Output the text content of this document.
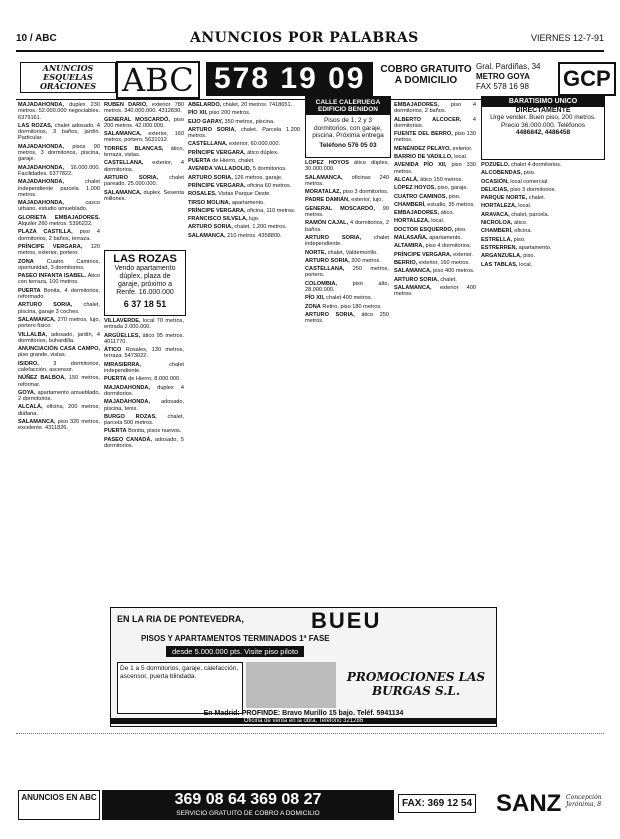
10 / ABC	ANUNCIOS POR PALABRAS	VIERNES 12-7-91
ANUNCIOS ESQUELAS ORACIONES ABC 578 19 09	COBRO GRATUITO A DOMICILIO
Gral. Pardiñas, 34
METRO GOYA
FAX 578 16 98	GCP
MAJADAHONDA, duplex 230 metros. 52.000.000 negociables. 6379161.
LAS ROZAS, chalet adosado, 4 dormitorios, 3 baños, jardín. Particular.
MAJADAHONDA, pisos 90 metros, 3 dormitorios, piscina, garaje.
MAJADAHONDA, 16.000.000. Facilidades. 6377822.
MAJADAHONDA,	chalet independiente parcela 1.000 metros.
MAJADAHONDA,	casco urbano, estudio amueblado.
GLORIETA EMBAJADORES. Alquiler 260 metros. 5396222.
PLAZA CASTILLA, piso 4 dormitorios, 2 baños, terraza.
PRÍNCIPE VERGARA, 120 metros, exterior, portero.
ZONA Cuatro Caminos, oportunidad, 3 dormitorios.
PASEO INFANTA ISABEL. Ático con terraza, 100 metros.
PUERTA Bonita, 4 dormitorios, reformado.
ARTURO SORIA, chalet, piscina, garaje 3 coches.
SALAMANCA, 270 metros, lujo, portero físico.
VILLALBA, adosado, jardín, 4 dormitorios, buhardilla.
ANUNCIACIÓN CASA CAMPO, piso grande, vistas.
ISIDRO,	3 dormitorios, calefacción, ascensor.
NÚÑEZ BALBOA, 150 metros, reformar.
GOYA, apartamento amueblado, 2 dormitorios.
ALCALÁ, oficina, 200 metros, diáfana.
SALAMANCA, piso 320 metros, excelente. 4311826.
RUBÉN DARÍO, exterior 780 metros. 340.000.000. 4312830.
GENERAL MOSCARDÓ, piso 200 metros. 42.000.000.
SALAMANCA, exterior, 160 metros, portero. 5631012.
TORRES BLANCAS, ático, terraza, vistas.
CASTELLANA, exterior, 4 dormitorios.
ARTURO SORIA, chalet pareado. 25.000.000.
SALAMANCA, duplex. Sesenta millones.
LAS ROZAS
Vendo apartamento dúplex, plaza de garaje, próximo a Renfe. 16.000.000
6 37 18 51
VILLAVERDE, local 70 metros, entrada 2.000.000.
ARGÜELLES, ático 95 metros. 4011770.
ÁTICO Rosales, 130 metros, terraza. 5473022.
MIRASIERRA,	chalet independiente.
PUERTA de Hierro, 8.000.000.
MAJADAHONDA, duplex 4 dormitorios.
MAJADAHONDA, adosado, piscina, tenis.
BURGO ROZAS, chalet, parcela 500 metros.
PUERTA Bonita, pisos nuevos.
PASEO CANADÁ, adosado, 5 dormitorios.
ABELARDO, chalet, 20 metros. 7418651.
PÍO XII, piso 200 metros.
EIJO GARAY, 350 metros, piscina.
ARTURO SORIA, chalet. Parcela 1.200 metros.
CASTELLANA, exterior, 60.000.000.
PRÍNCIPE VERGARA, ático dúplex.
PUERTA de Hierro, chalet.
AVENIDA VALLADOLID, 5 dormitorios.
ARTURO SORIA, 126 metros, garaje.
PRÍNCIPE VERGARA, oficina 60 metros.
ROSALES, Vistas Parque Oeste.
TIRSO MOLINA, apartamento.
PRÍNCIPE VERGARA, oficina, 110 metros.
FRANCISCO SILVELA, lujo.
ARTURO SORIA, chalet, 1.200 metros.
SALAMANCA, 210 metros. 4358800.
CALLE CALERUEGA EDIFICIO BENIDON
Pisos de 1, 2 y 3 dormitorios, con garaje, piscina. Próxima entrega
Teléfono 576 05 03
LÓPEZ HOYOS ático dúplex, 30.000.000.
SALAMANCA, oficinas 240 metros.
MORATALAZ, piso 3 dormitorios.
PADRE DAMIÁN, exterior, lujo.
GENERAL MOSCARDÓ, 90 metros.
RAMÓN CAJAL, 4 dormitorios, 2 baños.
ARTURO SORIA, chalet independiente.
NORTE, chalet, Valdemorillo.
ARTURO SORIA, 200 metros.
CASTELLANA, 250 metros, portero.
COLOMBIA,	piso alto, 28.000.000.
PÍO XII, chalet 400 metros.
ZONA Retiro, piso 180 metros.
ARTURO SORIA, ático 250 metros.
EMBAJADORES, piso 4 dormitorios, 2 baños.
ALBERTO ALCOCER, 4 dormitorios.
FUENTE DEL BERRO, piso 130 metros.
MENÉNDEZ PELAYO, exterior.
BARRIO DE VADILLO, local.
AVENIDA PÍO XII, piso 330 metros.
ALCALÁ, ático 150 metros.
LÓPEZ HOYOS, piso, garaje.
CUATRO CAMINOS, piso.
CHAMBERÍ, estudio, 35 metros.
EMBAJADORES, ático.
HORTALEZA, local.
DOCTOR ESQUERDO, piso.
MALASAÑA, apartamento.
ALTAMIRA, piso 4 dormitorios.
PRÍNCIPE VERGARA, exterior.
BERRIO, exterior, 160 metros.
SALAMANCA, piso 400 metros.
ARTURO SORIA, chalet.
SALAMANCA, exterior 400 metros.
BARATISIMO UNICO
DIRECTAMENTE
Urge vender. Buen piso, 200 metros. Precio 36.000.000. Teléfonos
4486842, 4486458
POZUELO, chalet 4 dormitorios.
ALCOBENDAS, piso.
OCASIÓN, local comercial.
DELICIAS, piso 3 dormitorios.
PARQUE NORTE, chalet.
HORTALEZA, local.
ARAVACA, chalet, parcela.
NICROLOA, ático.
CHAMBERÍ, oficina.
ESTRELLA, piso.
ESTRERREN, apartamento.
ARGANZUELA, piso.
LAS TABLAS, local.
EN LA RIA DE PONTEVEDRA,	BUEU
PISOS Y APARTAMENTOS TERMINADOS 1ª FASE
desde 5.000.000 pts. Visite piso piloto
De 1 a 5 dormitorios, garaje, calefacción, ascensor, puerta blindada.	PROMOCIONES LAS BURGAS S.L.
En Madrid: PROFINDE: Bravo Murillo 15 bajo. Teléf. 5941134
Oficina de venta en la obra. Teléfono 321286
ANUNCIOS EN ABC	369 08 64 369 08 27
SERVICIO GRATUITO DE COBRO A DOMICILIO
FAX: 369 12 54 SANZ Concepción Jerónima, 8
